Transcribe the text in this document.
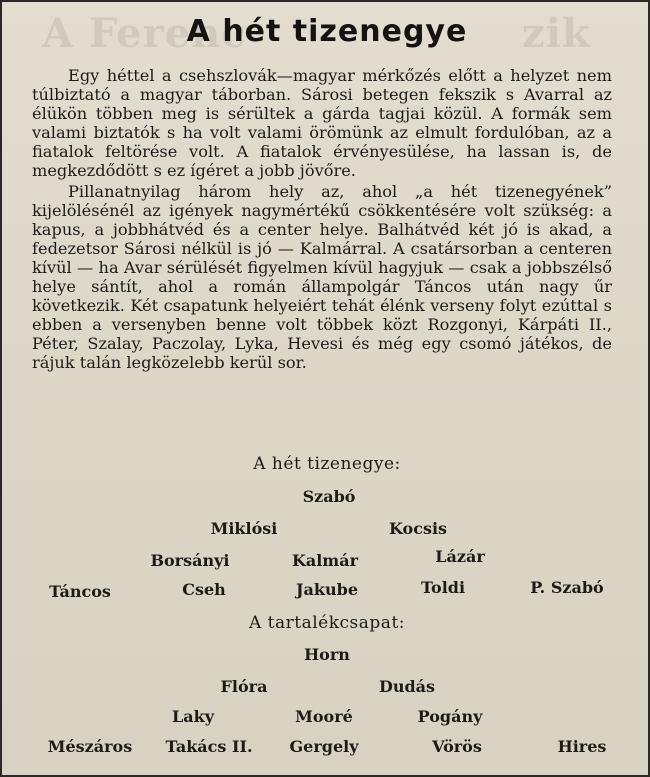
A Ferenc	zik
A hét tizenegye

Egy héttel a csehszlovák—magyar mérkőzés előtt a helyzet nem túlbiztató a magyar táborban. Sárosi betegen fekszik s Avarral az élükön többen meg is sérültek a gárda tagjai közül. A formák sem valami biztatók s ha volt valami örömünk az elmult fordulóban, az a fiatalok feltörése volt. A fiatalok érvényesülése, ha lassan is, de megkezdődött s ez ígéret a jobb jövőre.

Pillanatnyilag három hely az, ahol „a hét tizenegyének” kijelölésénél az igények nagymértékű csökkentésére volt szükség: a kapus, a jobbhátvéd és a center helye. Balhátvéd két jó is akad, a fedezetsor Sárosi nélkül is jó — Kalmárral. A csatársorban a centeren kívül — ha Avar sérülését figyelmen kívül hagyjuk — csak a jobbszélső helye sántít, ahol a román állampolgár Táncos után nagy űr következik. Két csapatunk helyeiért tehát élénk verseny folyt ezúttal s ebben a versenyben benne volt többek közt Rozgonyi, Kárpáti II., Péter, Szalay, Paczolay, Lyka, Hevesi és még egy csomó játékos, de rájuk talán legközelebb kerül sor.

A hét tizenegye:
Szabó
Miklósi	Kocsis
Borsányi	Kalmár	Lázár
Táncos	Cseh	Jakube	Toldi	P. Szabó
A tartalékcsapat:
Horn
Flóra	Dudás
Laky	Mooré	Pogány
Mészáros	Takács II.	Gergely	Vörös	Hires
